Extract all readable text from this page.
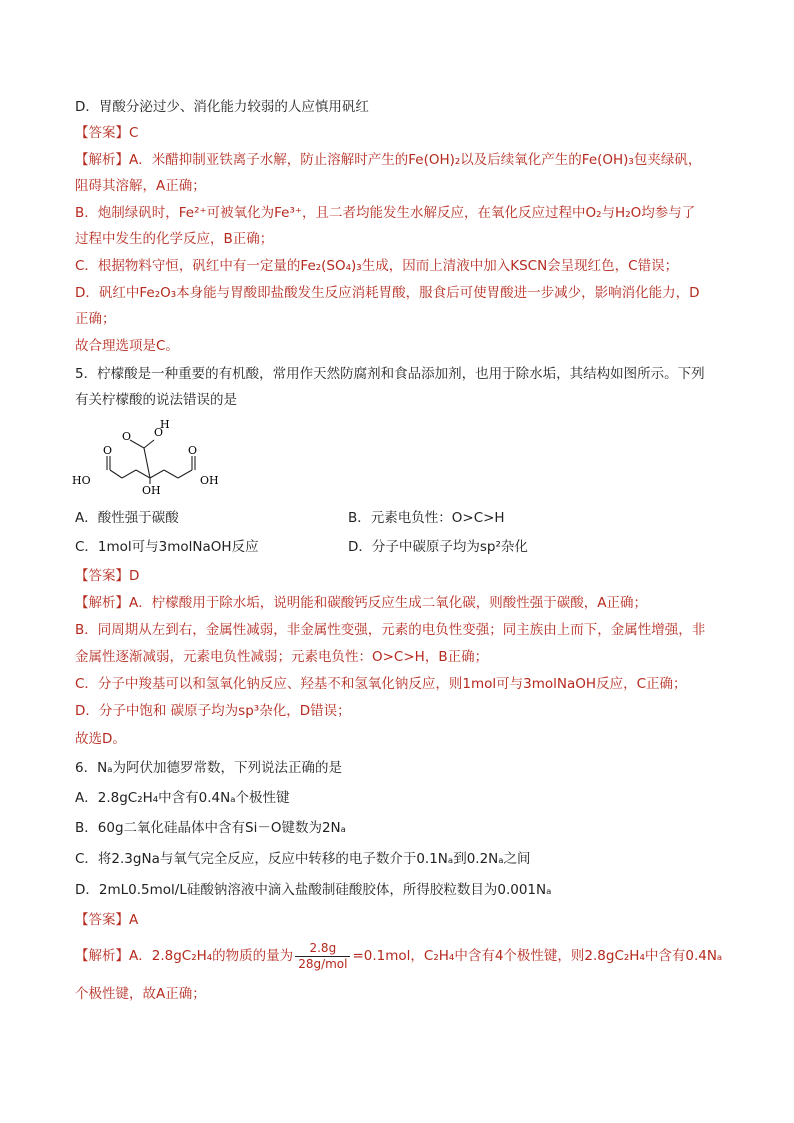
D．胃酸分泌过少、消化能力较弱的人应慎用矾红
【答案】C
【解析】A．米醋抑制亚铁离子水解，防止溶解时产生的Fe(OH)₂以及后续氧化产生的Fe(OH)₃包夹绿矾，
阻碍其溶解，A正确；
B．炮制绿矾时，Fe²⁺可被氧化为Fe³⁺，且二者均能发生水解反应，在氧化反应过程中O₂与H₂O均参与了
过程中发生的化学反应，B正确；
C．根据物料守恒，矾红中有一定量的Fe₂(SO₄)₃生成，因而上清液中加入KSCN会呈现红色，C错误；
D．矾红中Fe₂O₃本身能与胃酸即盐酸发生反应消耗胃酸，服食后可使胃酸进一步减少，影响消化能力，D
正确；
故合理选项是C。
5．柠檬酸是一种重要的有机酸，常用作天然防腐剂和食品添加剂，也用于除水垢，其结构如图所示。下列
有关柠檬酸的说法错误的是
O O
H
O	O
HO	OH
OH
A．酸性强于碳酸	B．元素电负性：O>C>H
C．1mol可与3molNaOH反应	D．分子中碳原子均为sp²杂化
【答案】D
【解析】A．柠檬酸用于除水垢，说明能和碳酸钙反应生成二氧化碳，则酸性强于碳酸，A正确；
B．同周期从左到右，金属性减弱，非金属性变强，元素的电负性变强；同主族由上而下，金属性增强，非
金属性逐渐减弱，元素电负性减弱；元素电负性：O>C>H，B正确；
C．分子中羧基可以和氢氧化钠反应、羟基不和氢氧化钠反应，则1mol可与3molNaOH反应，C正确；
D．分子中饱和 碳原子均为sp³杂化，D错误；
故选D。
6．Nₐ为阿伏加德罗常数，下列说法正确的是
A．2.8gC₂H₄中含有0.4Nₐ个极性键
B．60g二氧化硅晶体中含有Si－O键数为2Nₐ
C．将2.3gNa与氧气完全反应，反应中转移的电子数介于0.1Nₐ到0.2Nₐ之间
D．2mL0.5mol/L硅酸钠溶液中滴入盐酸制硅酸胶体，所得胶粒数目为0.001Nₐ
【答案】A
【解析】A．2.8gC₂H₄的物质的量为 $\frac{2.8g}{\text{28g/mol}} =0.1mol$，C₂H₄中含有4个极性键，则2.8gC₂H₄中含有0.4Nₐ
个极性键，故A正确；
